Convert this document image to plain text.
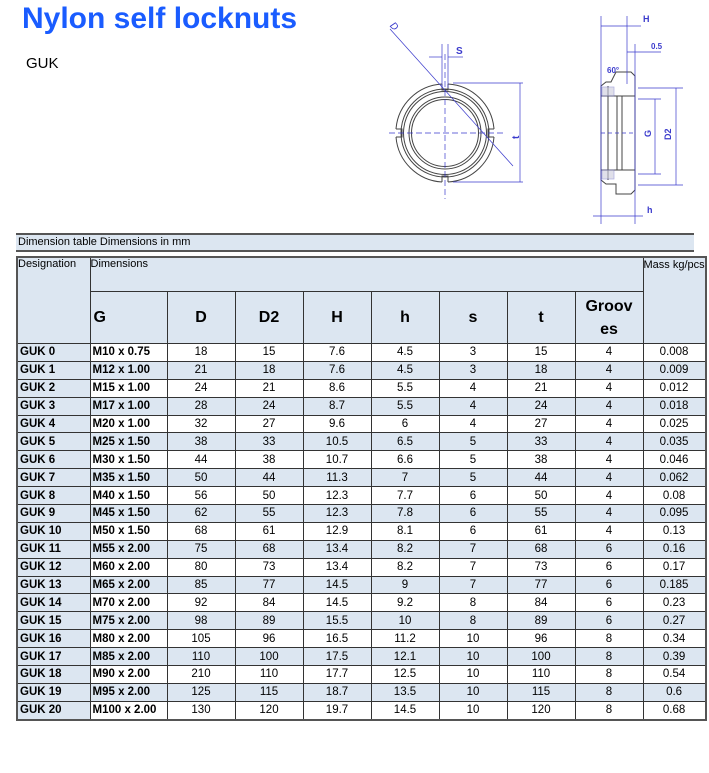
Nylon self locknuts
GUK
D
S
t
H
0.5
60°
G D2
h
Dimension table Dimensions in mm
Designation	Dimensions								Mass kg/pcs
	G	D	D2	H	h	s	t	Grooves	
GUK 0	M10 x 0.75	18	15	7.6	4.5	3	15	4	0.008
GUK 1	M12 x 1.00	21	18	7.6	4.5	3	18	4	0.009
GUK 2	M15 x 1.00	24	21	8.6	5.5	4	21	4	0.012
GUK 3	M17 x 1.00	28	24	8.7	5.5	4	24	4	0.018
GUK 4	M20 x 1.00	32	27	9.6	6	4	27	4	0.025
GUK 5	M25 x 1.50	38	33	10.5	6.5	5	33	4	0.035
GUK 6	M30 x 1.50	44	38	10.7	6.6	5	38	4	0.046
GUK 7	M35 x 1.50	50	44	11.3	7	5	44	4	0.062
GUK 8	M40 x 1.50	56	50	12.3	7.7	6	50	4	0.08
GUK 9	M45 x 1.50	62	55	12.3	7.8	6	55	4	0.095
GUK 10	M50 x 1.50	68	61	12.9	8.1	6	61	4	0.13
GUK 11	M55 x 2.00	75	68	13.4	8.2	7	68	6	0.16
GUK 12	M60 x 2.00	80	73	13.4	8.2	7	73	6	0.17
GUK 13	M65 x 2.00	85	77	14.5	9	7	77	6	0.185
GUK 14	M70 x 2.00	92	84	14.5	9.2	8	84	6	0.23
GUK 15	M75 x 2.00	98	89	15.5	10	8	89	6	0.27
GUK 16	M80 x 2.00	105	96	16.5	11.2	10	96	8	0.34
GUK 17	M85 x 2.00	110	100	17.5	12.1	10	100	8	0.39
GUK 18	M90 x 2.00	210	110	17.7	12.5	10	110	8	0.54
GUK 19	M95 x 2.00	125	115	18.7	13.5	10	115	8	0.6
GUK 20	M100 x 2.00	130	120	19.7	14.5	10	120	8	0.68
